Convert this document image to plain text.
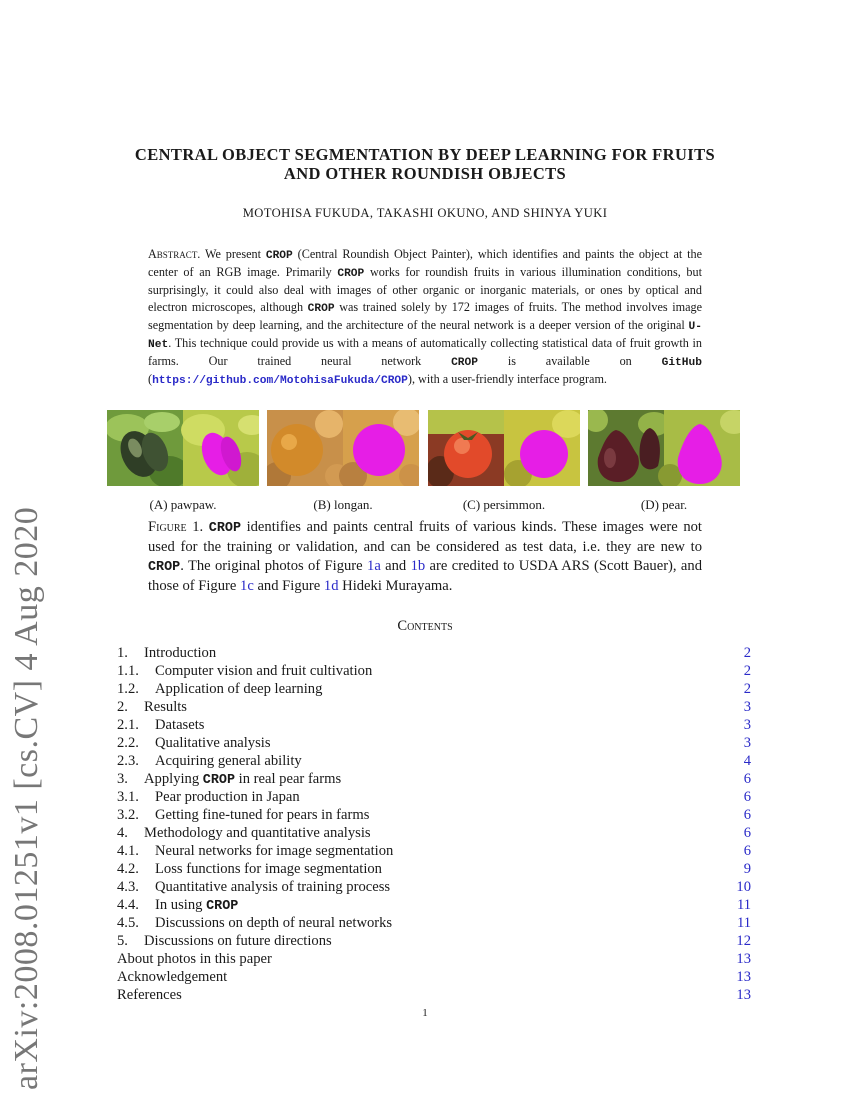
arXiv:2008.01251v1 [cs.CV] 4 Aug 2020
CENTRAL OBJECT SEGMENTATION BY DEEP LEARNING FOR FRUITS
AND OTHER ROUNDISH OBJECTS
MOTOHISA FUKUDA, TAKASHI OKUNO, AND SHINYA YUKI
Abstract. We present CROP (Central Roundish Object Painter), which identifies and paints the object at the center of an RGB image. Primarily CROP works for roundish fruits in various illumination conditions, but surprisingly, it could also deal with images of other organic or inorganic materials, or ones by optical and electron microscopes, although CROP was trained solely by 172 images of fruits. The method involves image segmentation by deep learning, and the architecture of the neural network is a deeper version of the original U-Net. This technique could provide us with a means of automatically collecting statistical data of fruit growth in farms. Our trained neural network CROP is available on GitHub (https://github.com/MotohisaFukuda/CROP), with a user-friendly interface program.
(A) pawpaw.	(B) longan.	(C) persimmon.	(D) pear.
Figure 1. CROP identifies and paints central fruits of various kinds. These images were not used for the training or validation, and can be considered as test data, i.e. they are new to CROP. The original photos of Figure 1a and 1b are credited to USDA ARS (Scott Bauer), and those of Figure 1c and Figure 1d Hideki Murayama.
Contents
1. Introduction	2
1.1. Computer vision and fruit cultivation	2
1.2. Application of deep learning	2
2. Results	3
2.1. Datasets	3
2.2. Qualitative analysis	3
2.3. Acquiring general ability	4
3. Applying CROP in real pear farms	6
3.1. Pear production in Japan	6
3.2. Getting fine-tuned for pears in farms	6
4. Methodology and quantitative analysis	6
4.1. Neural networks for image segmentation	6
4.2. Loss functions for image segmentation	9
4.3. Quantitative analysis of training process	10
4.4. In using CROP	11
4.5. Discussions on depth of neural networks	11
5. Discussions on future directions	12
About photos in this paper	13
Acknowledgement	13
References	13
1
